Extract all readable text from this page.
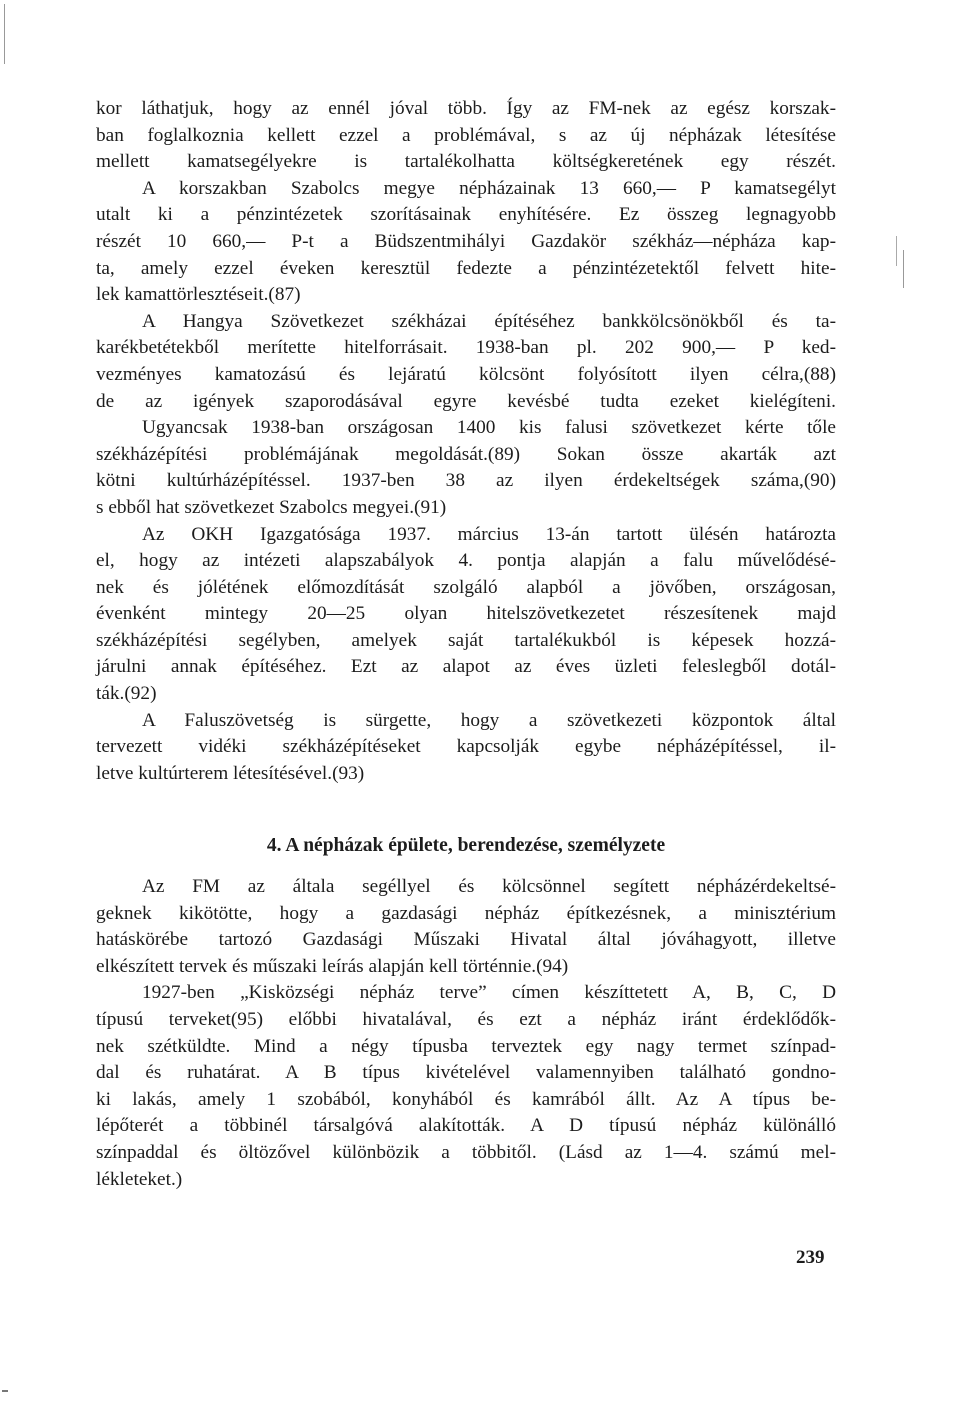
kor láthatjuk, hogy az ennél jóval több. Így az FM-nek az egész korszak-
ban foglalkoznia kellett ezzel a problémával, s az új népházak létesítése
mellett kamatsegélyekre is tartalékolhatta költségkeretének egy részét.
A korszakban Szabolcs megye népházainak 13 660,— P kamatsegélyt
utalt ki a pénzintézetek szorításainak enyhítésére. Ez összeg legnagyobb
részét 10 660,— P-t a Büdszentmihályi Gazdakör székház—népháza kap-
ta, amely ezzel éveken keresztül fedezte a pénzintézetektől felvett hite-
lek kamattörlesztéseit.(87)
A Hangya Szövetkezet székházai építéséhez bankkölcsönökből és ta-
karékbetétekből merítette hitelforrásait. 1938-ban pl. 202 900,— P ked-
vezményes kamatozású és lejáratú kölcsönt folyósított ilyen célra,(88)
de az igények szaporodásával egyre kevésbé tudta ezeket kielégíteni.
Ugyancsak 1938-ban országosan 1400 kis falusi szövetkezet kérte tőle
székházépítési problémájának megoldását.(89) Sokan össze akarták azt
kötni kultúrházépítéssel. 1937-ben 38 az ilyen érdekeltségek száma,(90)
s ebből hat szövetkezet Szabolcs megyei.(91)
Az OKH Igazgatósága 1937. március 13-án tartott ülésén határozta
el, hogy az intézeti alapszabályok 4. pontja alapján a falu művelődésé-
nek és jólétének előmozdítását szolgáló alapból a jövőben, országosan,
évenként mintegy 20—25 olyan hitelszövetkezetet részesítenek majd
székházépítési segélyben, amelyek saját tartalékukból is képesek hozzá-
járulni annak építéséhez. Ezt az alapot az éves üzleti feleslegből dotál-
ták.(92)
A Faluszövetség is sürgette, hogy a szövetkezeti központok által
tervezett vidéki székházépítéseket kapcsolják egybe népházépítéssel, il-
letve kultúrterem létesítésével.(93)
4. A népházak épülete, berendezése, személyzete
Az FM az általa segéllyel és kölcsönnel segített népházérdekeltsé-
geknek kikötötte, hogy a gazdasági népház építkezésnek, a minisztérium
hatáskörébe tartozó Gazdasági Műszaki Hivatal által jóváhagyott, illetve
elkészített tervek és műszaki leírás alapján kell történnie.(94)
1927-ben „Kisközségi népház terve” címen készíttetett A, B, C, D
típusú terveket(95) előbbi hivatalával, és ezt a népház iránt érdeklődők-
nek szétküldte. Mind a négy típusba terveztek egy nagy termet színpad-
dal és ruhatárat. A B típus kivételével valamennyiben található gondno-
ki lakás, amely 1 szobából, konyhából és kamrából állt. Az A típus be-
lépőterét a többinél társalgóvá alakították. A D típusú népház különálló
színpaddal és öltözővel különbözik a többitől. (Lásd az 1—4. számú mel-
lékleteket.)
239
